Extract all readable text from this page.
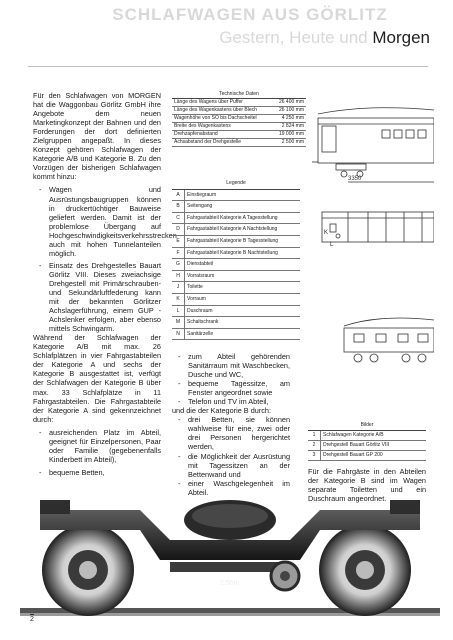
SCHLAFWAGEN AUS GÖRLITZ
Gestern, Heute und Morgen

Für den Schlafwagen von MORGEN hat die Waggonbau Görlitz GmbH ihre Angebote dem neuen Marketingkonzept der Bahnen und den Forderungen der dort definierten Zielgruppen angepaßt. In dieses Konzept gehören Schlafwagen der Kategorie A/B und Kategorie B. Zu den Vorzügen der bisherigen Schlafwagen kommt hinzu:

- Wagen und Ausrüstungsbaugruppen können in druckertüchtiger Bauweise geliefert werden. Damit ist der problemlose Übergang auf Hochgeschwindigkeitsverkehrsstrecken auch mit hohen Tunnelanteilen möglich.
- Einsatz des Drehgestelles Bauart Görlitz VIII. Dieses zweiachsige Drehgestell mit Primärschrauben- und Sekundärluftfederung kann mit der bekannten Görlitzer Achslagerführung, einem GUP - Achslenker erfolgen, aber ebenso mittels Schwingarm.

Während der Schlafwagen der Kategorie A/B mit max. 26 Schlafplätzen in vier Fahrgastabteilen der Kategorie A und sechs der Kategorie B ausgestattet ist, verfügt der Schlafwagen der Kategorie B über max. 33 Schlafplätze in 11 Fahrgastabteilen. Die Fahrgastabteile der Kategorie A sind gekennzeichnet durch:

- ausreichenden Platz im Abteil, geeignet für Einzelpersonen, Paar oder Familie (gegebenenfalls Kinderbett im Abteil),
- bequeme Betten,
Technische Daten	
Länge des Wagens über Puffer	26 400 mm
Länge des Wagenkastens über Blech	26 100 mm
Wagenhöhe von SO bis Dachscheitel	4 250 mm
Breite des Wagenkastens	2 824 mm
Drehzapfenabstand	19 000 mm
Achsabstand der Drehgestelle	2 500 mm
Legende	
A	Einstiegraum
B	Seitengang
C	Fahrgastabteil Kategorie A Tagesstellung
D	Fahrgastabteil Kategorie A Nachtstellung
E	Fahrgastabteil Kategorie B Tagesstellung
F	Fahrgastabteil Kategorie B Nachtstellung
G	Dienstabteil
H	Vorratsraum
J	Toilette
K	Vorraum
L	Duschraum
M	Schaltschrank
N	Sanitärzelle
3350
K
L
- zum Abteil gehörenden Sanitärraum mit Waschbecken, Dusche und WC,
- bequeme Tagessitze, am Fenster angeordnet sowie
- Telefon und TV im Abteil,

und die der Kategorie B durch:

- drei Betten, sie können wahlweise für eine, zwei oder drei Personen hergerichtet werden,
- die Möglichkeit der Ausrüstung mit Tagessitzen an der Bettenwand und
- einer Waschgelegenheit im Abteil.
Bilder	
1	Schlafwagen Kategorie A/B
2	Drehgestell Bauart Görlitz VIII
3	Drehgestell Bauart GP 200

Für die Fahrgäste in den Abteilen der Kategorie B sind im Wagen separate Toiletten und ein Duschraum angeordnet.

2.50m
2
